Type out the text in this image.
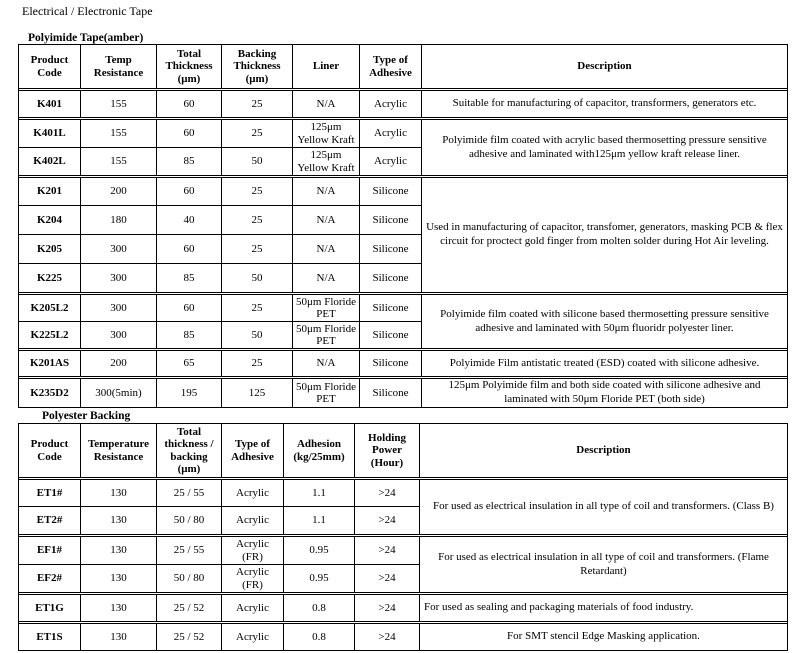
Electrical / Electronic Tape
Polyimide Tape(amber)
Product Code	Temp Resistance	Total Thickness (μm)	Backing Thickness (μm)	Liner	Type of Adhesive	Description

K401	155	60	25	N/A	Acrylic	Suitable for manufacturing of capacitor, transformers, generators etc.

K401L	155	60	25	125μm Yellow Kraft	Acrylic	Polyimide film coated with acrylic based thermosetting pressure sensitive adhesive and laminated with125μm yellow kraft release liner.
K402L	155	85	50	125μm Yellow Kraft	Acrylic	

K201	200	60	25	N/A	Silicone	Used in manufacturing of capacitor, transfomer, generators, masking PCB & flex circuit for proctect gold finger from molten solder during Hot Air leveling.
K204	180	40	25	N/A	Silicone	
K205	300	60	25	N/A	Silicone	
K225	300	85	50	N/A	Silicone	

K205L2	300	60	25	50μm Floride PET	Silicone	Polyimide film coated with silicone based thermosetting pressure sensitive adhesive and laminated with 50μm fluoridr polyester liner.
K225L2	300	85	50	50μm Floride PET	Silicone	

K201AS	200	65	25	N/A	Silicone	Polyimide Film antistatic treated (ESD) coated with silicone adhesive.

K235D2	300(5min)	195	125	50μm Floride PET	Silicone	125μm Polyimide film and both side coated with silicone adhesive and laminated with 50μm Floride PET (both side)
Polyester Backing
Product Code	Temperature Resistance	Total thickness / backing (μm)	Type of Adhesive	Adhesion (kg/25mm)	Holding Power (Hour)	Description

ET1#	130	25 / 55	Acrylic	1.1	>24	For used as electrical insulation in all type of coil and transformers. (Class B)
ET2#	130	50 / 80	Acrylic	1.1	>24	

EF1#	130	25 / 55	Acrylic (FR)	0.95	>24	For used as electrical insulation in all type of coil and transformers. (Flame Retardant)
EF2#	130	50 / 80	Acrylic (FR)	0.95	>24	

ET1G	130	25 / 52	Acrylic	0.8	>24	For used as sealing and packaging materials of food industry.

ET1S	130	25 / 52	Acrylic	0.8	>24	For SMT stencil Edge Masking application.
